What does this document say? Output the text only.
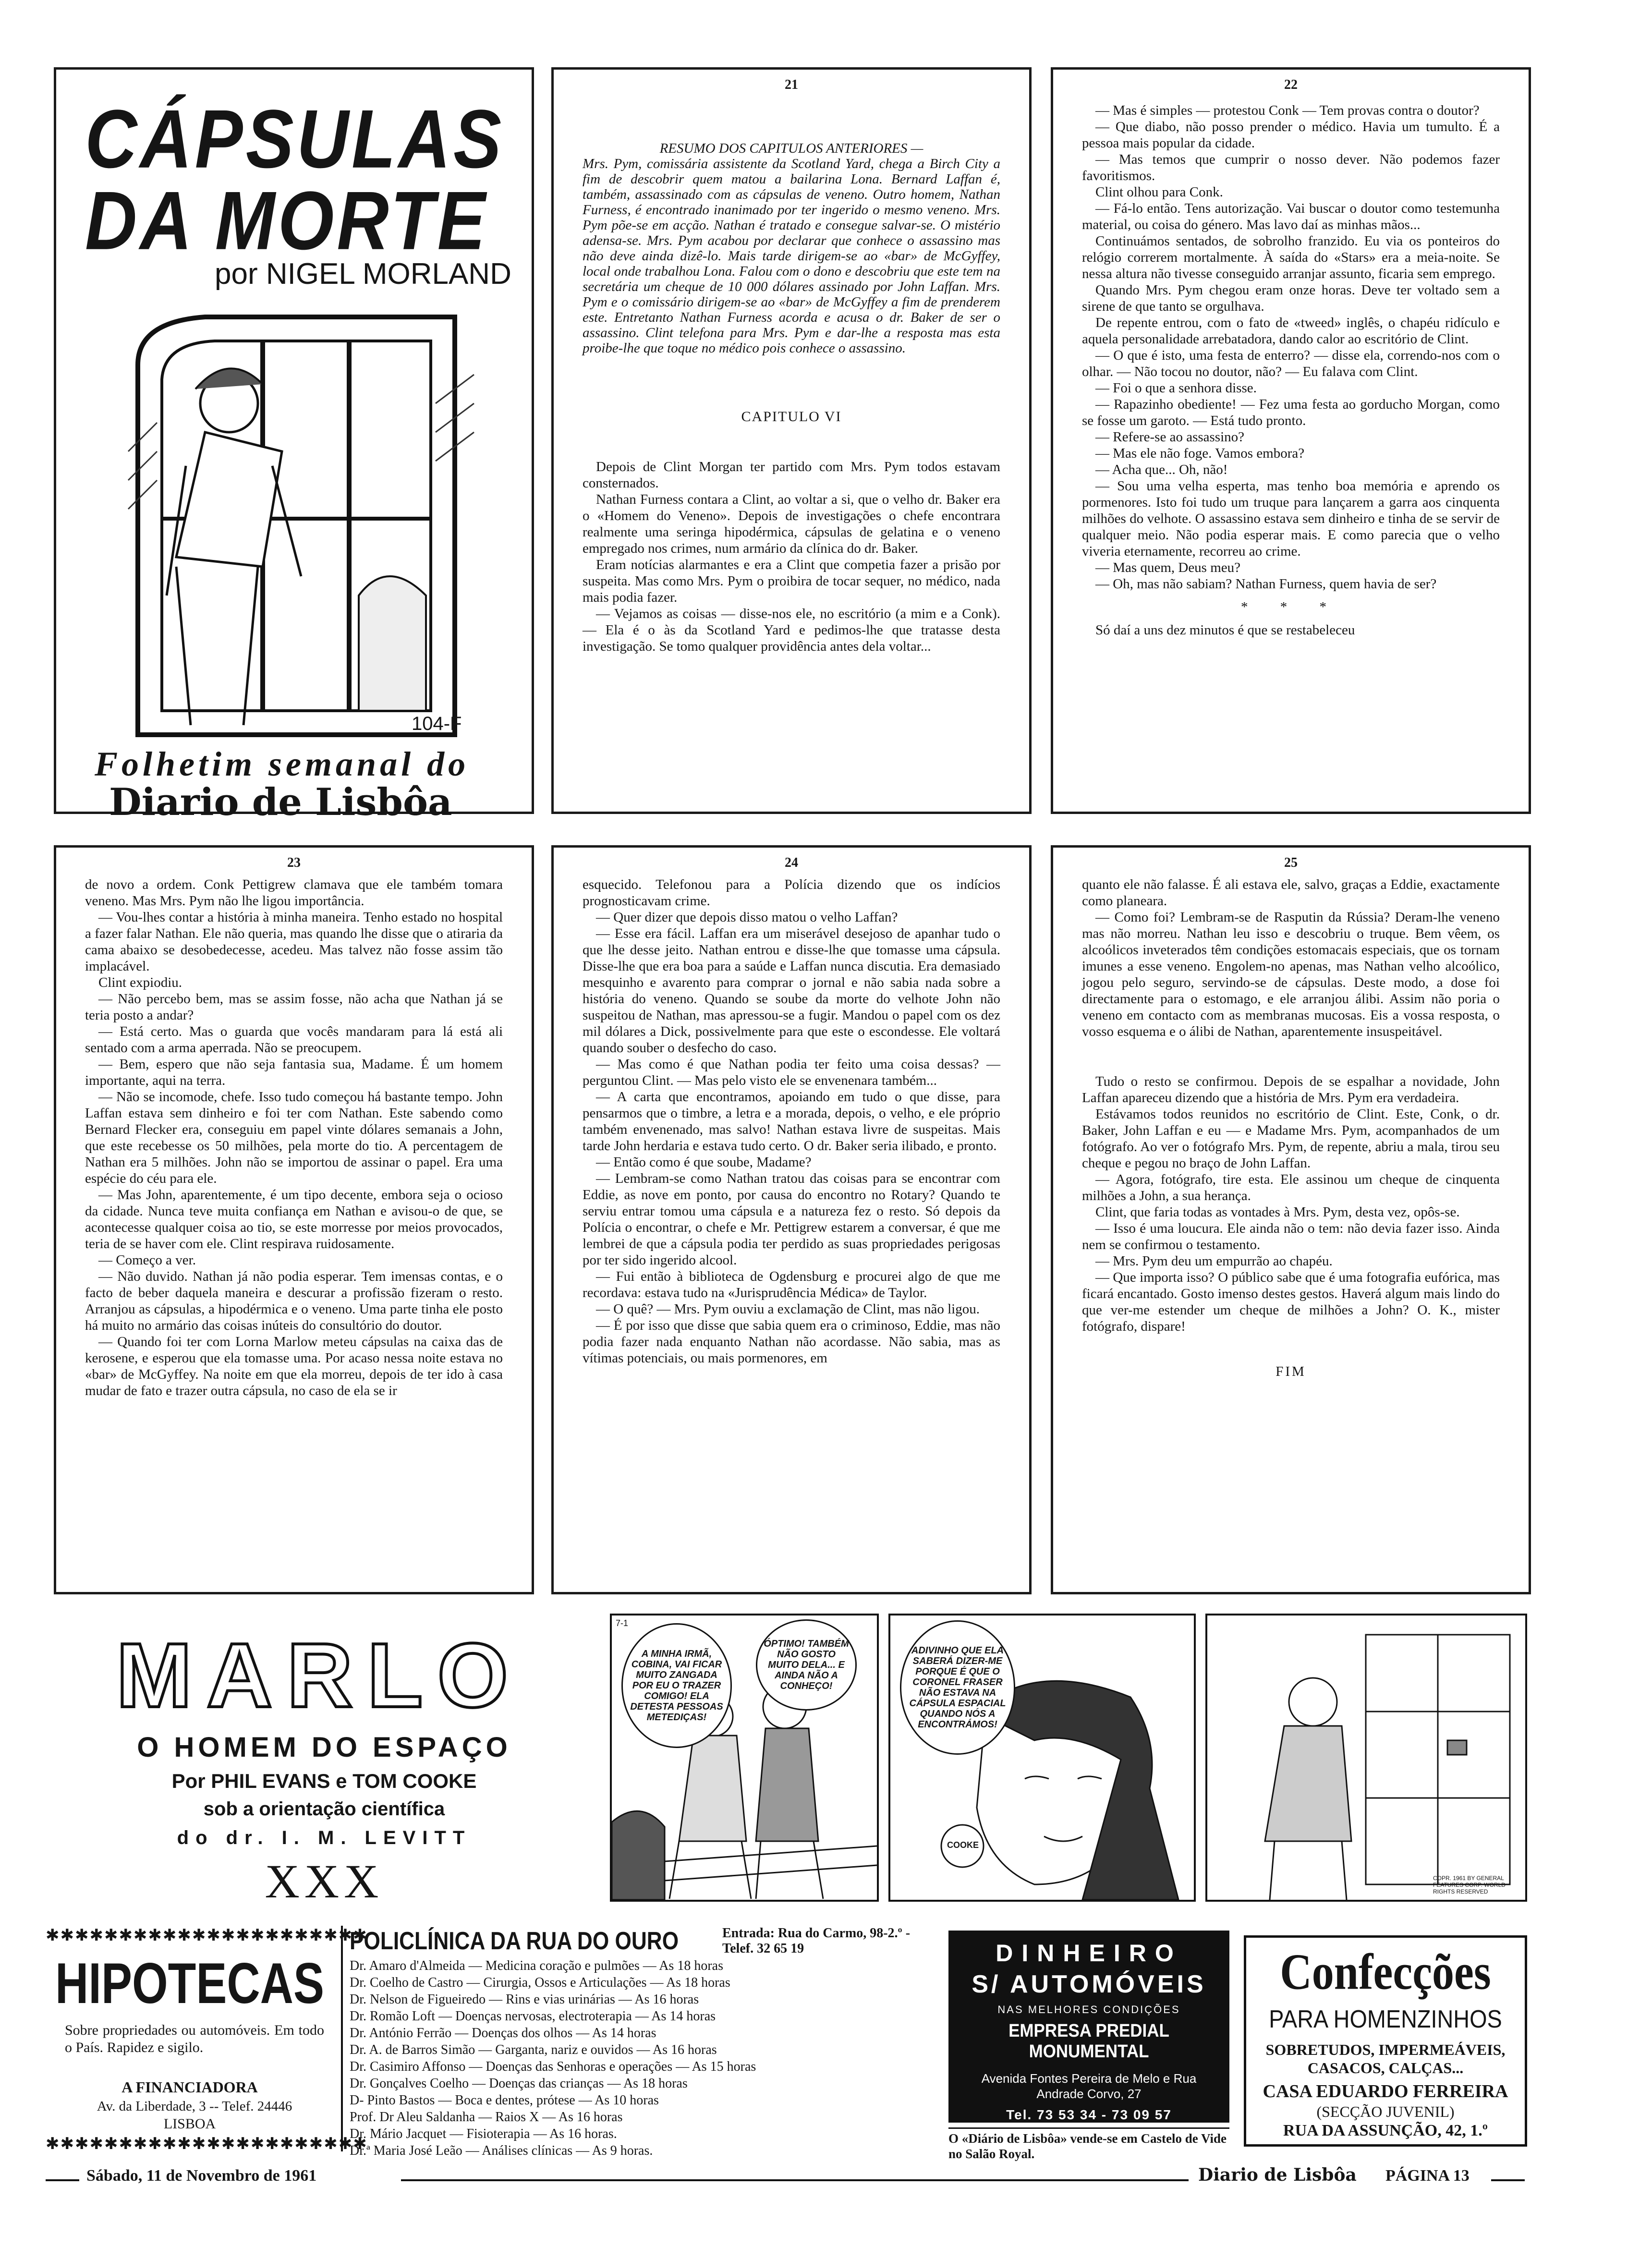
CÁPSULAS
DA MORTE
por NIGEL MORLAND
104-F
Folhetim semanal do
Diario de Lisbôa
21
RESUMO DOS CAPITULOS ANTERIORES —
Mrs. Pym, comissária assistente da Scotland Yard, chega a Birch City a fim de descobrir quem matou a bailarina Lona. Bernard Laffan é, também, assassinado com as cápsulas de veneno. Outro homem, Nathan Furness, é encontrado inanimado por ter ingerido o mesmo veneno. Mrs. Pym põe-se em acção. Nathan é tratado e consegue salvar-se. O mistério adensa-se. Mrs. Pym acabou por declarar que conhece o assassino mas não deve ainda dizê-lo. Mais tarde dirigem-se ao «bar» de McGyffey, local onde trabalhou Lona. Falou com o dono e descobriu que este tem na secretária um cheque de 10 000 dólares assinado por John Laffan. Mrs. Pym e o comissário dirigem-se ao «bar» de McGyffey a fim de prenderem este. Entretanto Nathan Furness acorda e acusa o dr. Baker de ser o assassino. Clint telefona para Mrs. Pym e dar-lhe a resposta mas esta proibe-lhe que toque no médico pois conhece o assassino.
CAPITULO VI

Depois de Clint Morgan ter partido com Mrs. Pym todos estavam consternados.

Nathan Furness contara a Clint, ao voltar a si, que o velho dr. Baker era o «Homem do Veneno». Depois de investigações o chefe encontrara realmente uma seringa hipodérmica, cápsulas de gelatina e o veneno empregado nos crimes, num armário da clínica do dr. Baker.

Eram notícias alarmantes e era a Clint que competia fazer a prisão por suspeita. Mas como Mrs. Pym o proibira de tocar sequer, no médico, nada mais podia fazer.

— Vejamos as coisas — disse-nos ele, no escritório (a mim e a Conk). — Ela é o às da Scotland Yard e pedimos-lhe que tratasse desta investigação. Se tomo qualquer providência antes dela voltar...

22

— Mas é simples — protestou Conk — Tem provas contra o doutor?

— Que diabo, não posso prender o médico. Havia um tumulto. É a pessoa mais popular da cidade.

— Mas temos que cumprir o nosso dever. Não podemos fazer favoritismos.

Clint olhou para Conk.

— Fá-lo então. Tens autorização. Vai buscar o doutor como testemunha material, ou coisa do género. Mas lavo daí as minhas mãos...

Continuámos sentados, de sobrolho franzido. Eu via os ponteiros do relógio correrem mortalmente. À saída do «Stars» era a meia-noite. Se nessa altura não tivesse conseguido arranjar assunto, ficaria sem emprego.

Quando Mrs. Pym chegou eram onze horas. Deve ter voltado sem a sirene de que tanto se orgulhava.

De repente entrou, com o fato de «tweed» inglês, o chapéu ridículo e aquela personalidade arrebatadora, dando calor ao escritório de Clint.

— O que é isto, uma festa de enterro? — disse ela, correndo-nos com o olhar. — Não tocou no doutor, não? — Eu falava com Clint.

— Foi o que a senhora disse.

— Rapazinho obediente! — Fez uma festa ao gorducho Morgan, como se fosse um garoto. — Está tudo pronto.

— Refere-se ao assassino?

— Mas ele não foge. Vamos embora?

— Acha que... Oh, não!

— Sou uma velha esperta, mas tenho boa memória e aprendo os pormenores. Isto foi tudo um truque para lançarem a garra aos cinquenta milhões do velhote. O assassino estava sem dinheiro e tinha de se servir de qualquer meio. Não podia esperar mais. E como parecia que o velho viveria eternamente, recorreu ao crime.

— Mas quem, Deus meu?

— Oh, mas não sabiam? Nathan Furness, quem havia de ser?

* * *

Só daí a uns dez minutos é que se restabeleceu

23

de novo a ordem. Conk Pettigrew clamava que ele também tomara veneno. Mas Mrs. Pym não lhe ligou importância.

— Vou-lhes contar a história à minha maneira. Tenho estado no hospital a fazer falar Nathan. Ele não queria, mas quando lhe disse que o atiraria da cama abaixo se desobedecesse, acedeu. Mas talvez não fosse assim tão implacável.

Clint expiodiu.

— Não percebo bem, mas se assim fosse, não acha que Nathan já se teria posto a andar?

— Está certo. Mas o guarda que vocês mandaram para lá está ali sentado com a arma aperrada. Não se preocupem.

— Bem, espero que não seja fantasia sua, Madame. É um homem importante, aqui na terra.

— Não se incomode, chefe. Isso tudo começou há bastante tempo. John Laffan estava sem dinheiro e foi ter com Nathan. Este sabendo como Bernard Flecker era, conseguiu em papel vinte dólares semanais a John, que este recebesse os 50 milhões, pela morte do tio. A percentagem de Nathan era 5 milhões. John não se importou de assinar o papel. Era uma espécie do céu para ele.

— Mas John, aparentemente, é um tipo decente, embora seja o ocioso da cidade. Nunca teve muita confiança em Nathan e avisou-o de que, se acontecesse qualquer coisa ao tio, se este morresse por meios provocados, teria de se haver com ele. Clint respirava ruidosamente.

— Começo a ver.

— Não duvido. Nathan já não podia esperar. Tem imensas contas, e o facto de beber daquela maneira e descurar a profissão fizeram o resto. Arranjou as cápsulas, a hipodérmica e o veneno. Uma parte tinha ele posto há muito no armário das coisas inúteis do consultório do doutor.

— Quando foi ter com Lorna Marlow meteu cápsulas na caixa das de kerosene, e esperou que ela tomasse uma. Por acaso nessa noite estava no «bar» de McGyffey. Na noite em que ela morreu, depois de ter ido à casa mudar de fato e trazer outra cápsula, no caso de ela se ir

24

esquecido. Telefonou para a Polícia dizendo que os indícios prognosticavam crime.

— Quer dizer que depois disso matou o velho Laffan?

— Esse era fácil. Laffan era um miserável desejoso de apanhar tudo o que lhe desse jeito. Nathan entrou e disse-lhe que tomasse uma cápsula. Disse-lhe que era boa para a saúde e Laffan nunca discutia. Era demasiado mesquinho e avarento para comprar o jornal e não sabia nada sobre a história do veneno. Quando se soube da morte do velhote John não suspeitou de Nathan, mas apressou-se a fugir. Mandou o papel com os dez mil dólares a Dick, possivelmente para que este o escondesse. Ele voltará quando souber o desfecho do caso.

— Mas como é que Nathan podia ter feito uma coisa dessas? — perguntou Clint. — Mas pelo visto ele se envenenara também...

— A carta que encontramos, apoiando em tudo o que disse, para pensarmos que o timbre, a letra e a morada, depois, o velho, e ele próprio também envenenado, mas salvo! Nathan estava livre de suspeitas. Mais tarde John herdaria e estava tudo certo. O dr. Baker seria ilibado, e pronto.

— Então como é que soube, Madame?

— Lembram-se como Nathan tratou das coisas para se encontrar com Eddie, as nove em ponto, por causa do encontro no Rotary? Quando te serviu entrar tomou uma cápsula e a natureza fez o resto. Só depois da Polícia o encontrar, o chefe e Mr. Pettigrew estarem a conversar, é que me lembrei de que a cápsula podia ter perdido as suas propriedades perigosas por ter sido ingerido alcool.

— Fui então à biblioteca de Ogdensburg e procurei algo de que me recordava: estava tudo na «Jurisprudência Médica» de Taylor.

— O quê? — Mrs. Pym ouviu a exclamação de Clint, mas não ligou.

— É por isso que disse que sabia quem era o criminoso, Eddie, mas não podia fazer nada enquanto Nathan não acordasse. Não sabia, mas as vítimas potenciais, ou mais pormenores, em

25

quanto ele não falasse. É ali estava ele, salvo, graças a Eddie, exactamente como planeara.

— Como foi? Lembram-se de Rasputin da Rússia? Deram-lhe veneno mas não morreu. Nathan leu isso e descobriu o truque. Bem vêem, os alcoólicos inveterados têm condições estomacais especiais, que os tornam imunes a esse veneno. Engolem-no apenas, mas Nathan velho alcoólico, jogou pelo seguro, servindo-se de cápsulas. Deste modo, a dose foi directamente para o estomago, e ele arranjou álibi. Assim não poria o veneno em contacto com as membranas mucosas. Eis a vossa resposta, o vosso esquema e o álibi de Nathan, aparentemente insuspeitável.

Tudo o resto se confirmou. Depois de se espalhar a novidade, John Laffan apareceu dizendo que a história de Mrs. Pym era verdadeira.

Estávamos todos reunidos no escritório de Clint. Este, Conk, o dr. Baker, John Laffan e eu — e Madame Mrs. Pym, acompanhados de um fotógrafo. Ao ver o fotógrafo Mrs. Pym, de repente, abriu a mala, tirou seu cheque e pegou no braço de John Laffan.

— Agora, fotógrafo, tire esta. Ele assinou um cheque de cinquenta milhões a John, a sua herança.

Clint, que faria todas as vontades à Mrs. Pym, desta vez, opôs-se.

— Isso é uma loucura. Ele ainda não o tem: não devia fazer isso. Ainda nem se confirmou o testamento.

— Mrs. Pym deu um empurrão ao chapéu.

— Que importa isso? O público sabe que é uma fotografia eufórica, mas ficará encantado. Gosto imenso destes gestos. Haverá algum mais lindo do que ver-me estender um cheque de milhões a John? O. K., mister fotógrafo, dispare!

FIM
MARLO
O HOMEM DO ESPAÇO
Por PHIL EVANS e TOM COOKE
sob a orientação científica
do dr. I. M. LEVITT
XXX
7-1
A MINHA IRMÃ, COBINA, VAI FICAR MUITO ZANGADA POR EU O TRAZER COMIGO! ELA DETESTA PESSOAS METEDIÇAS!
ÓPTIMO! TAMBÉM NÃO GOSTO MUITO DELA... E AINDA NÃO A CONHEÇO!
ADIVINHO QUE ELA SABERÁ DIZER-ME PORQUE É QUE O CORONEL FRASER NÃO ESTAVA NA CÁPSULA ESPACIAL QUANDO NÓS A ENCONTRÁMOS!
COOKE
COPR. 1961 BY GENERAL FEATURES CORP. WORLD RIGHTS RESERVED
✱✱✱✱✱✱✱✱✱✱✱✱✱✱✱✱✱✱✱✱✱✱
HIPOTECAS
Sobre propriedades ou automóveis. Em todo o País. Rapidez e sigilo.
A FINANCIADORA
Av. da Liberdade, 3 -- Telef. 24446
LISBOA
✱✱✱✱✱✱✱✱✱✱✱✱✱✱✱✱✱✱✱✱✱✱
POLICLÍNICA DA RUA DO OURO	Entrada: Rua do Carmo, 98-2.º - Telef. 32 65 19
Dr. Amaro d'Almeida — Medicina coração e pulmões — As 18 horas
Dr. Coelho de Castro — Cirurgia, Ossos e Articulações — As 18 horas
Dr. Nelson de Figueiredo — Rins e vias urinárias — As 16 horas
Dr. Romão Loft — Doenças nervosas, electroterapia — As 14 horas
Dr. António Ferrão — Doenças dos olhos — As 14 horas
Dr. A. de Barros Simão — Garganta, nariz e ouvidos — As 16 horas
Dr. Casimiro Affonso — Doenças das Senhoras e operações — As 15 horas
Dr. Gonçalves Coelho — Doenças das crianças — As 18 horas
D- Pinto Bastos — Boca e dentes, prótese — As 10 horas
Prof. Dr Aleu Saldanha — Raios X — As 16 horas
Dr. Mário Jacquet — Fisioterapia — As 16 horas.
Dr.ª Maria José Leão — Análises clínicas — As 9 horas.
DINHEIRO
S/ AUTOMÓVEIS
NAS MELHORES CONDIÇÕES
EMPRESA PREDIAL MONUMENTAL
Avenida Fontes Pereira de Melo e Rua Andrade Corvo, 27
Tel. 73 53 34 - 73 09 57
O «Diário de Lisbôa» vende-se em Castelo de Vide no Salão Royal.
Confecções
PARA HOMENZINHOS
SOBRETUDOS, IMPERMEÁVEIS, CASACOS, CALÇAS...
CASA EDUARDO FERREIRA
(SECÇÃO JUVENIL)
RUA DA ASSUNÇÃO, 42, 1.º
Sábado, 11 de Novembro de 1961	Diario de Lisbôa PÁGINA 13
